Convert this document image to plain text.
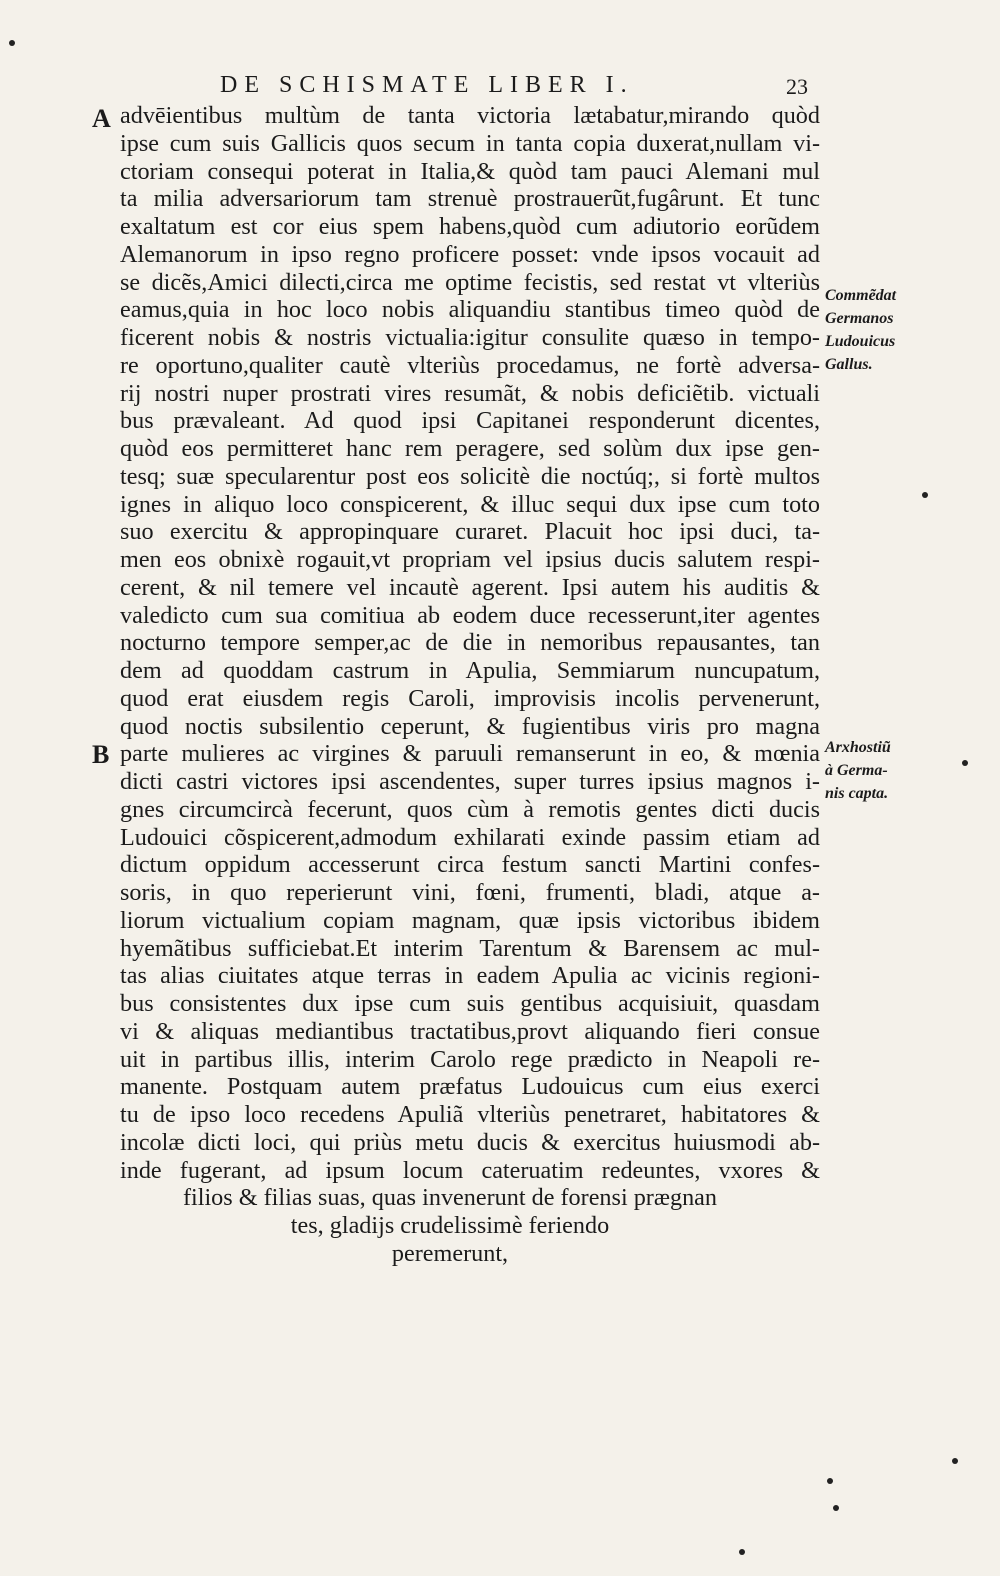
DE SCHISMATE LIBER I.	23
A
B
advēientibus multùm de tanta victoria lætabatur,mirando quòd
ipse cum suis Gallicis quos secum in tanta copia duxerat,nullam vi-
ctoriam consequi poterat in Italia,& quòd tam pauci Alemani mul
ta milia adversariorum tam strenuè prostrauerũt,fugârunt. Et tunc
exaltatum est cor eius spem habens,quòd cum adiutorio eorũdem
Alemanorum in ipso regno proficere posset: vnde ipsos vocauit ad
se dicẽs,Amici dilecti,circa me optime fecistis, sed restat vt vlteriùs
eamus,quia in hoc loco nobis aliquandiu stantibus timeo quòd de
ficerent nobis & nostris victualia:igitur consulite quæso in tempo-
re oportuno,qualiter cautè vlteriùs procedamus, ne fortè adversa-
rij nostri nuper prostrati vires resumãt, & nobis deficiẽtib. victuali
bus prævaleant. Ad quod ipsi Capitanei responderunt dicentes,
quòd eos permitteret hanc rem peragere, sed solùm dux ipse gen-
tesq; suæ specularentur post eos solicitè die noctúq;, si fortè multos
ignes in aliquo loco conspicerent, & illuc sequi dux ipse cum toto
suo exercitu & appropinquare curaret. Placuit hoc ipsi duci, ta-
men eos obnixè rogauit,vt propriam vel ipsius ducis salutem respi-
cerent, & nil temere vel incautè agerent. Ipsi autem his auditis &
valedicto cum sua comitiua ab eodem duce recesserunt,iter agentes
nocturno tempore semper,ac de die in nemoribus repausantes, tan
dem ad quoddam castrum in Apulia, Semmiarum nuncupatum,
quod erat eiusdem regis Caroli, improvisis incolis pervenerunt,
quod noctis subsilentio ceperunt, & fugientibus viris pro magna
parte mulieres ac virgines & paruuli remanserunt in eo, & mœnia
dicti castri victores ipsi ascendentes, super turres ipsius magnos i-
gnes circumcircà fecerunt, quos cùm à remotis gentes dicti ducis
Ludouici cõspicerent,admodum exhilarati exinde passim etiam ad
dictum oppidum accesserunt circa festum sancti Martini confes-
soris, in quo reperierunt vini, fœni, frumenti, bladi, atque a-
liorum victualium copiam magnam, quæ ipsis victoribus ibidem
hyemãtibus sufficiebat.Et interim Tarentum & Barensem ac mul-
tas alias ciuitates atque terras in eadem Apulia ac vicinis regioni-
bus consistentes dux ipse cum suis gentibus acquisiuit, quasdam
vi & aliquas mediantibus tractatibus,provt aliquando fieri consue
uit in partibus illis, interim Carolo rege prædicto in Neapoli re-
manente. Postquam autem præfatus Ludouicus cum eius exerci
tu de ipso loco recedens Apuliã vlteriùs penetraret, habitatores &
incolæ dicti loci, qui priùs metu ducis & exercitus huiusmodi ab-
inde fugerant, ad ipsum locum cateruatim redeuntes, vxores &
filios & filias suas, quas invenerunt de forensi prægnan
tes, gladijs crudelissimè feriendo
peremerunt,
Commẽdat
Germanos
Ludouicus
Gallus.
Arxhostiũ
à Germa-
nis capta.
